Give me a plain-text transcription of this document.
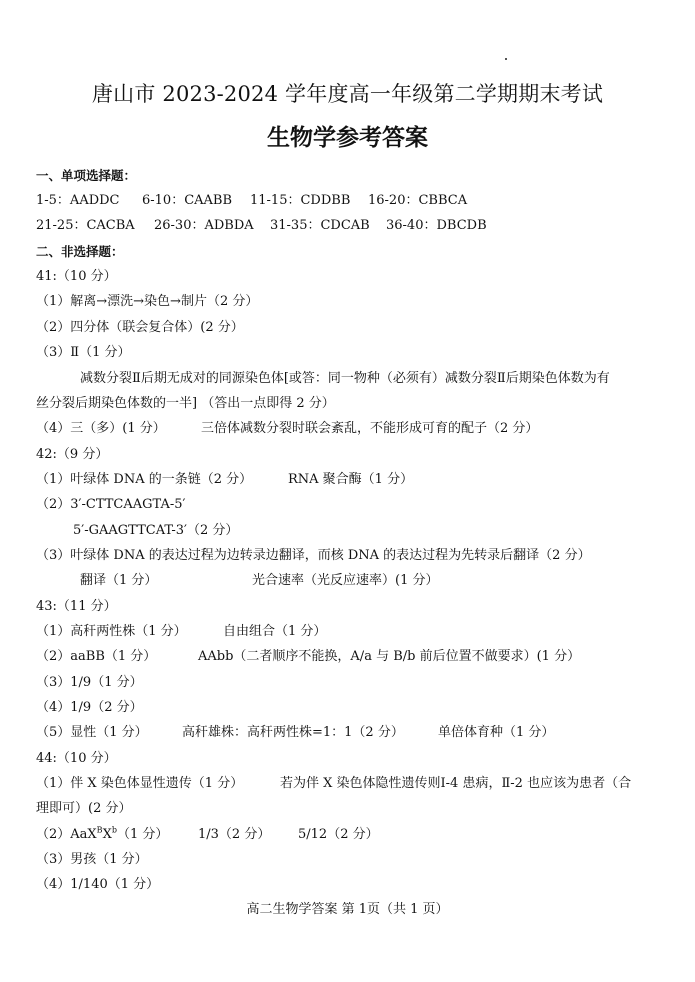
唐山市 2023-2024 学年度高一年级第二学期期末考试
生物学参考答案
一、单项选择题：
1-5：AADDC 6-10：CAABB 11-15：CDDBB 16-20：CBBCA
21-25：CACBA 26-30：ADBDA 31-35：CDCAB 36-40：DBCDB
二、非选择题：
41:（10 分）
（1）解离→漂洗→染色→制片（2 分）
（2）四分体（联会复合体）(2 分）
（3）Ⅱ（1 分）
减数分裂Ⅱ后期无成对的同源染色体[或答：同一物种（必须有）减数分裂Ⅱ后期染色体数为有
丝分裂后期染色体数的一半] （答出一点即得 2 分）
（4）三（多）(1 分）	三倍体减数分裂时联会紊乱，不能形成可育的配子（2 分）
42:（9 分）
（1）叶绿体 DNA 的一条链（2 分）	RNA 聚合酶（1 分）
（2）3′-CTTCAAGTA-5′
5′-GAAGTTCAT-3′（2 分）
（3）叶绿体 DNA 的表达过程为边转录边翻译，而核 DNA 的表达过程为先转录后翻译（2 分）
翻译（1 分）	光合速率（光反应速率）(1 分）
43:（11 分）
（1）高秆两性株（1 分）	自由组合（1 分）
（2）aaBB（1 分）	AAbb（二者顺序不能换，A/a 与 B/b 前后位置不做要求）(1 分）
（3）1/9（1 分）
（4）1/9（2 分）
（5）显性（1 分）	高秆雄株：高秆两性株=1：1（2 分）	单倍体育种（1 分）
44:（10 分）
（1）伴 X 染色体显性遗传（1 分）	若为伴 X 染色体隐性遗传则Ⅰ-4 患病，Ⅱ-2 也应该为患者（合
理即可）(2 分）
$(2)AaX^BX^b(1$ 分） 1/3（2 分） 5/12（2 分）
（3）男孩（1 分）
（4）1/140（1 分）
高二生物学答案 第 1页（共 1 页）
